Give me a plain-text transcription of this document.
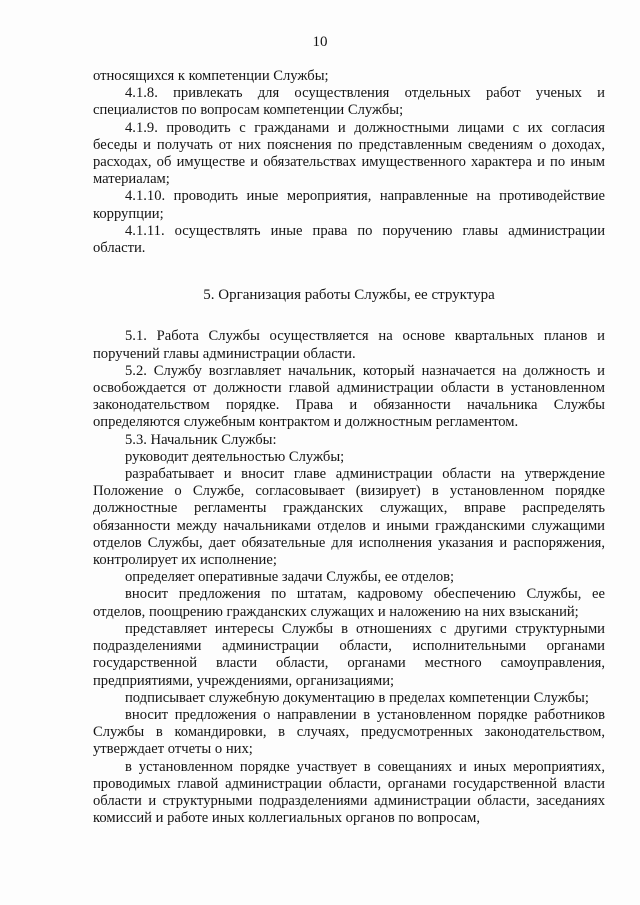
10

относящихся к компетенции Службы;

4.1.8. привлекать для осуществления отдельных работ ученых и специалистов по вопросам компетенции Службы;

4.1.9. проводить с гражданами и должностными лицами с их согласия беседы и получать от них пояснения по представленным сведениям о доходах, расходах, об имуществе и обязательствах имущественного характера и по иным материалам;

4.1.10. проводить иные мероприятия, направленные на противодействие коррупции;

4.1.11. осуществлять иные права по поручению главы администрации области.

5. Организация работы Службы, ее структура

5.1. Работа Службы осуществляется на основе квартальных планов и поручений главы администрации области.

5.2. Службу возглавляет начальник, который назначается на должность и освобождается от должности главой администрации области в установленном законодательством порядке. Права и обязанности начальника Службы определяются служебным контрактом и должностным регламентом.

5.3. Начальник Службы:

руководит деятельностью Службы;

разрабатывает и вносит главе администрации области на утверждение Положение о Службе, согласовывает (визирует) в установленном порядке должностные регламенты гражданских служащих, вправе распределять обязанности между начальниками отделов и иными гражданскими служащими отделов Службы, дает обязательные для исполнения указания и распоряжения, контролирует их исполнение;

определяет оперативные задачи Службы, ее отделов;

вносит предложения по штатам, кадровому обеспечению Службы, ее отделов, поощрению гражданских служащих и наложению на них взысканий;

представляет интересы Службы в отношениях с другими структурными подразделениями администрации области, исполнительными органами государственной власти области, органами местного самоуправления, предприятиями, учреждениями, организациями;

подписывает служебную документацию в пределах компетенции Службы;

вносит предложения о направлении в установленном порядке работников Службы в командировки, в случаях, предусмотренных законодательством, утверждает отчеты о них;

в установленном порядке участвует в совещаниях и иных мероприятиях, проводимых главой администрации области, органами государственной власти области и структурными подразделениями администрации области, заседаниях комиссий и работе иных коллегиальных органов по вопросам,
